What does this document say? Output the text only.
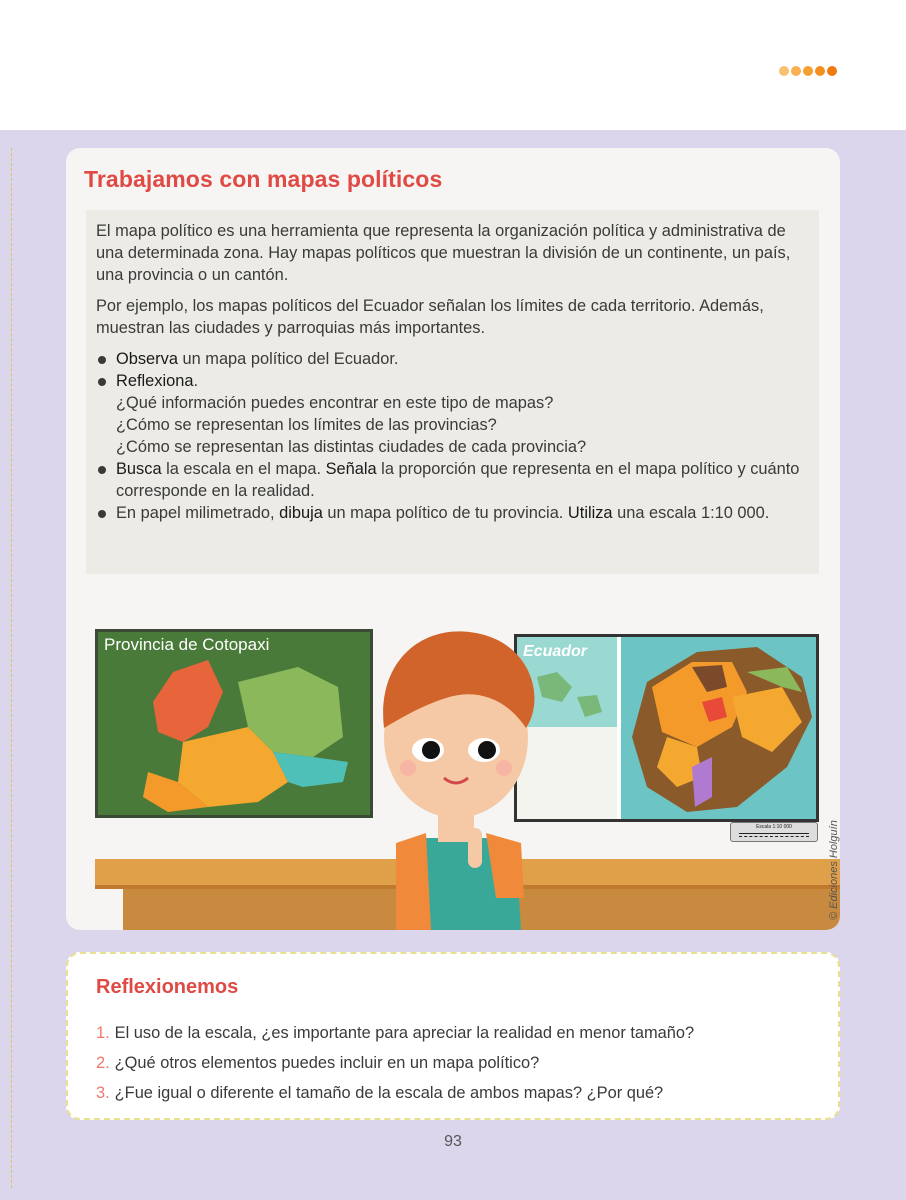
Trabajamos con mapas políticos

El mapa político es una herramienta que representa la organización política y administrativa de una determinada zona. Hay mapas políticos que muestran la división de un continente, un país, una provincia o un cantón.

Por ejemplo, los mapas políticos del Ecuador señalan los límites de cada territorio. Además, muestran las ciudades y parroquias más importantes.

Observa un mapa político del Ecuador.
Reflexiona.
¿Qué información puedes encontrar en este tipo de mapas?
¿Cómo se representan los límites de las provincias?
¿Cómo se representan las distintas ciudades de cada provincia?
Busca la escala en el mapa. Señala la proporción que representa en el mapa político y cuánto corresponde en la realidad.
En papel milimetrado, dibuja un mapa político de tu provincia. Utiliza una escala 1:10 000.
Provincia de Cotopaxi	Ecuador
Escala 1:10 000	© Ediciones Holguín
Reflexionemos
1. El uso de la escala, ¿es importante para apreciar la realidad en menor tamaño?
2. ¿Qué otros elementos puedes incluir en un mapa político?
3. ¿Fue igual o diferente el tamaño de la escala de ambos mapas? ¿Por qué?
93
